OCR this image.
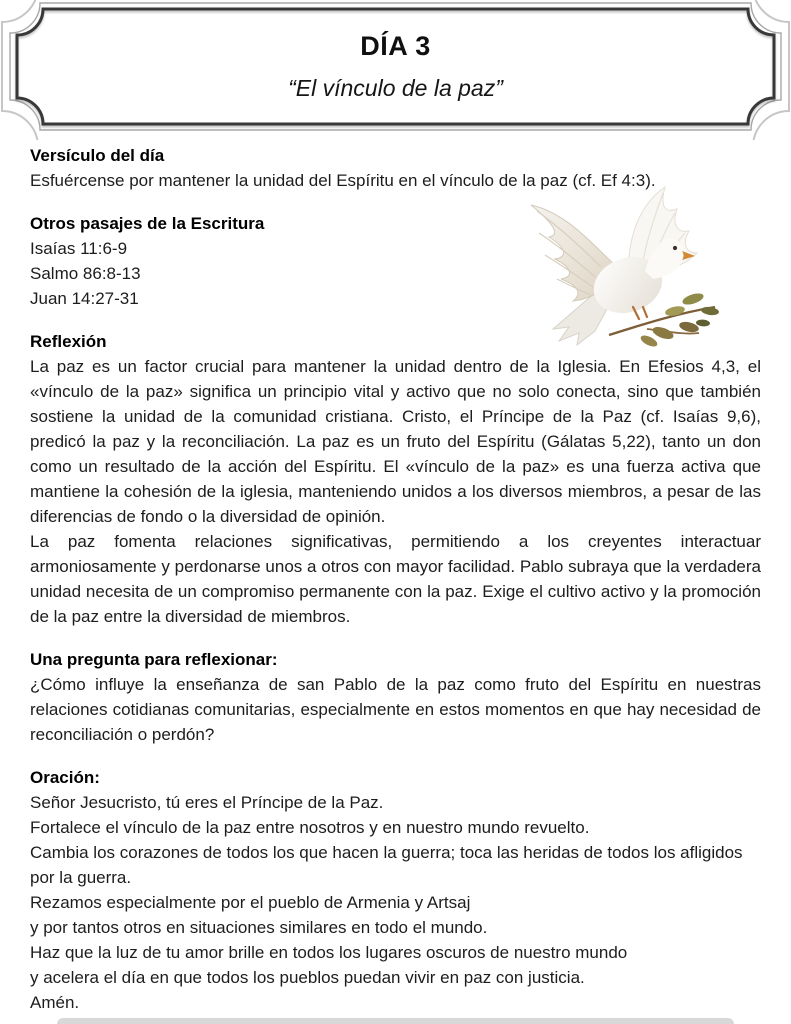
DÍA 3
“El vínculo de la paz”
Versículo del día

Esfuércense por mantener la unidad del Espíritu en el vínculo de la paz (cf. Ef 4:3).

Otros pasajes de la Escritura

Isaías 11:6-9

Salmo 86:8-13

Juan 14:27-31

Reflexión

La paz es un factor crucial para mantener la unidad dentro de la Iglesia. En Efesios 4,3, el «vínculo de la paz» significa un principio vital y activo que no solo conecta, sino que también sostiene la unidad de la comunidad cristiana. Cristo, el Príncipe de la Paz (cf. Isaías 9,6), predicó la paz y la reconciliación. La paz es un fruto del Espíritu (Gálatas 5,22), tanto un don como un resultado de la acción del Espíritu. El «vínculo de la paz» es una fuerza activa que mantiene la cohesión de la iglesia, manteniendo unidos a los diversos miembros, a pesar de las diferencias de fondo o la diversidad de opinión.

La paz fomenta relaciones significativas, permitiendo a los creyentes interactuar armoniosamente y perdonarse unos a otros con mayor facilidad. Pablo subraya que la verdadera unidad necesita de un compromiso permanente con la paz. Exige el cultivo activo y la promoción de la paz entre la diversidad de miembros.

Una pregunta para reflexionar:

¿Cómo influye la enseñanza de san Pablo de la paz como fruto del Espíritu en nuestras relaciones cotidianas comunitarias, especialmente en estos momentos en que hay necesidad de reconciliación o perdón?

Oración:

Señor Jesucristo, tú eres el Príncipe de la Paz.

Fortalece el vínculo de la paz entre nosotros y en nuestro mundo revuelto.

Cambia los corazones de todos los que hacen la guerra; toca las heridas de todos los afligidos por la guerra.

Rezamos especialmente por el pueblo de Armenia y Artsaj

y por tantos otros en situaciones similares en todo el mundo.

Haz que la luz de tu amor brille en todos los lugares oscuros de nuestro mundo

y acelera el día en que todos los pueblos puedan vivir en paz con justicia.

Amén.
